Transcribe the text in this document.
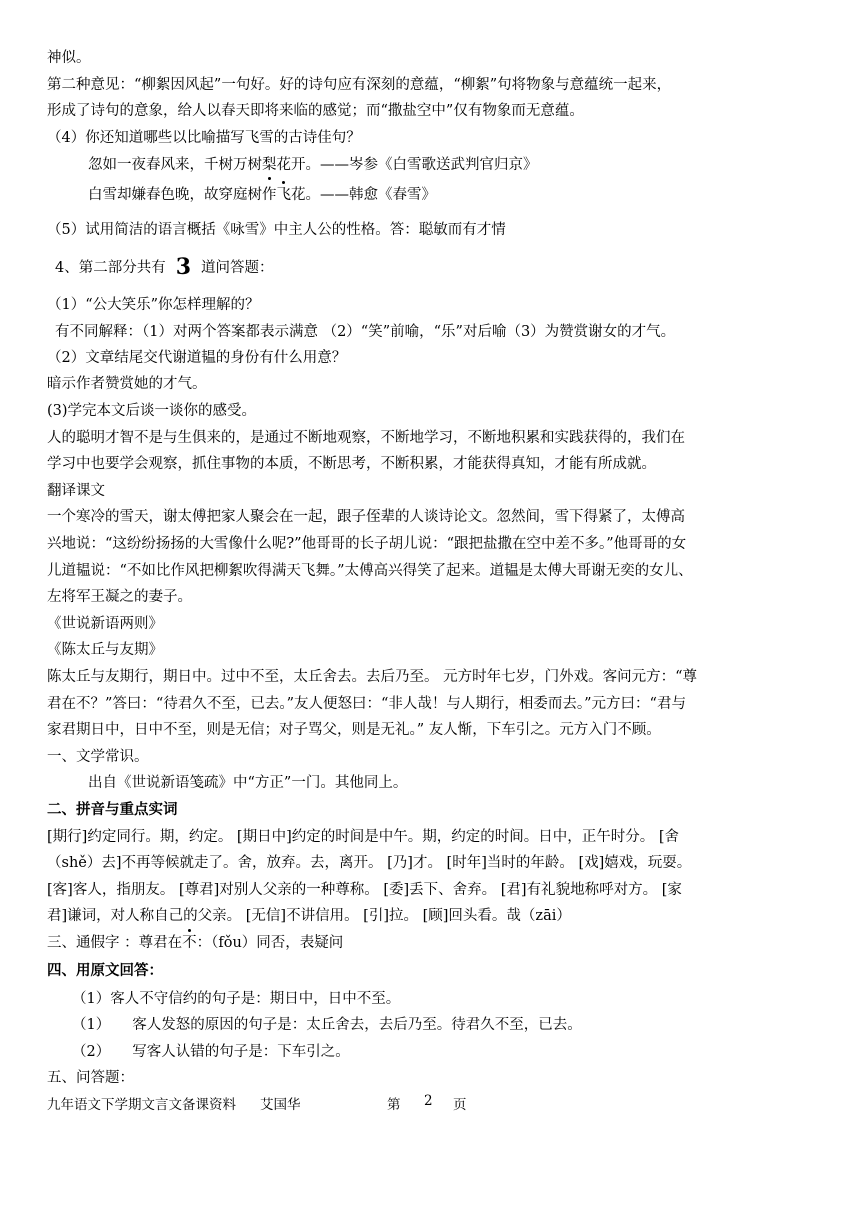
神似。
第二种意见：“柳絮因风起”一句好。好的诗句应有深刻的意蕴，“柳絮”句将物象与意蕴统一起来，
形成了诗句的意象，给人以春天即将来临的感觉；而“撒盐空中”仅有物象而无意蕴。
（4）你还知道哪些以比喻描写飞雪的古诗佳句？
忽如一夜春风来，千树万树梨花开。——岑参《白雪歌送武判官归京》
白雪却嫌春色晚，故穿庭树作飞花。——韩愈《春雪》
（5）试用简洁的语言概括《咏雪》中主人公的性格。答：聪敏而有才情
4、第二部分共有 3 道问答题：
（1）“公大笑乐”你怎样理解的？
有不同解释：（1）对两个答案都表示满意 （2）“笑”前喻，“乐”对后喻（3）为赞赏谢女的才气。
（2）文章结尾交代谢道韫的身份有什么用意？
暗示作者赞赏她的才气。
(3)学完本文后谈一谈你的感受。
人的聪明才智不是与生俱来的，是通过不断地观察，不断地学习，不断地积累和实践获得的，我们在
学习中也要学会观察，抓住事物的本质，不断思考，不断积累，才能获得真知，才能有所成就。
翻译课文
一个寒冷的雪天，谢太傅把家人聚会在一起，跟子侄辈的人谈诗论文。忽然间，雪下得紧了，太傅高
兴地说：“这纷纷扬扬的大雪像什么呢?”他哥哥的长子胡儿说：“跟把盐撒在空中差不多。”他哥哥的女
儿道韫说：“不如比作风把柳絮吹得满天飞舞。”太傅高兴得笑了起来。道韫是太傅大哥谢无奕的女儿、
左将军王凝之的妻子。
《世说新语两则》
《陈太丘与友期》
陈太丘与友期行，期日中。过中不至，太丘舍去。去后乃至。 元方时年七岁，门外戏。客问元方：“尊
君在不？”答曰：“待君久不至，已去。”友人便怒曰：“非人哉！与人期行，相委而去。”元方曰：“君与
家君期日中，日中不至，则是无信；对子骂父，则是无礼。” 友人惭，下车引之。元方入门不顾。
一、文学常识。
出自《世说新语笺疏》中“方正”一门。其他同上。
二、拼音与重点实词
[期行]约定同行。期，约定。 [期日中]约定的时间是中午。期，约定的时间。日中，正午时分。 [舍
（shě）去]不再等候就走了。舍，放弃。去，离开。 [乃]才。 [时年]当时的年龄。 [戏]嬉戏，玩耍。
[客]客人，指朋友。 [尊君]对别人父亲的一种尊称。 [委]丢下、舍弃。 [君]有礼貌地称呼对方。 [家
君]谦词，对人称自己的父亲。 [无信]不讲信用。 [引]拉。 [顾]回头看。哉（zāi）
三、通假字 ：尊君在不：（fǒu）同否，表疑问
四、用原文回答：
（1）客人不守信约的句子是：期日中，日中不至。
（1） 客人发怒的原因的句子是：太丘舍去，去后乃至。待君久不至，已去。
（2） 写客人认错的句子是：下车引之。
五、问答题：
九年语文下学期文言文备课资料 艾国华	第 2 页
